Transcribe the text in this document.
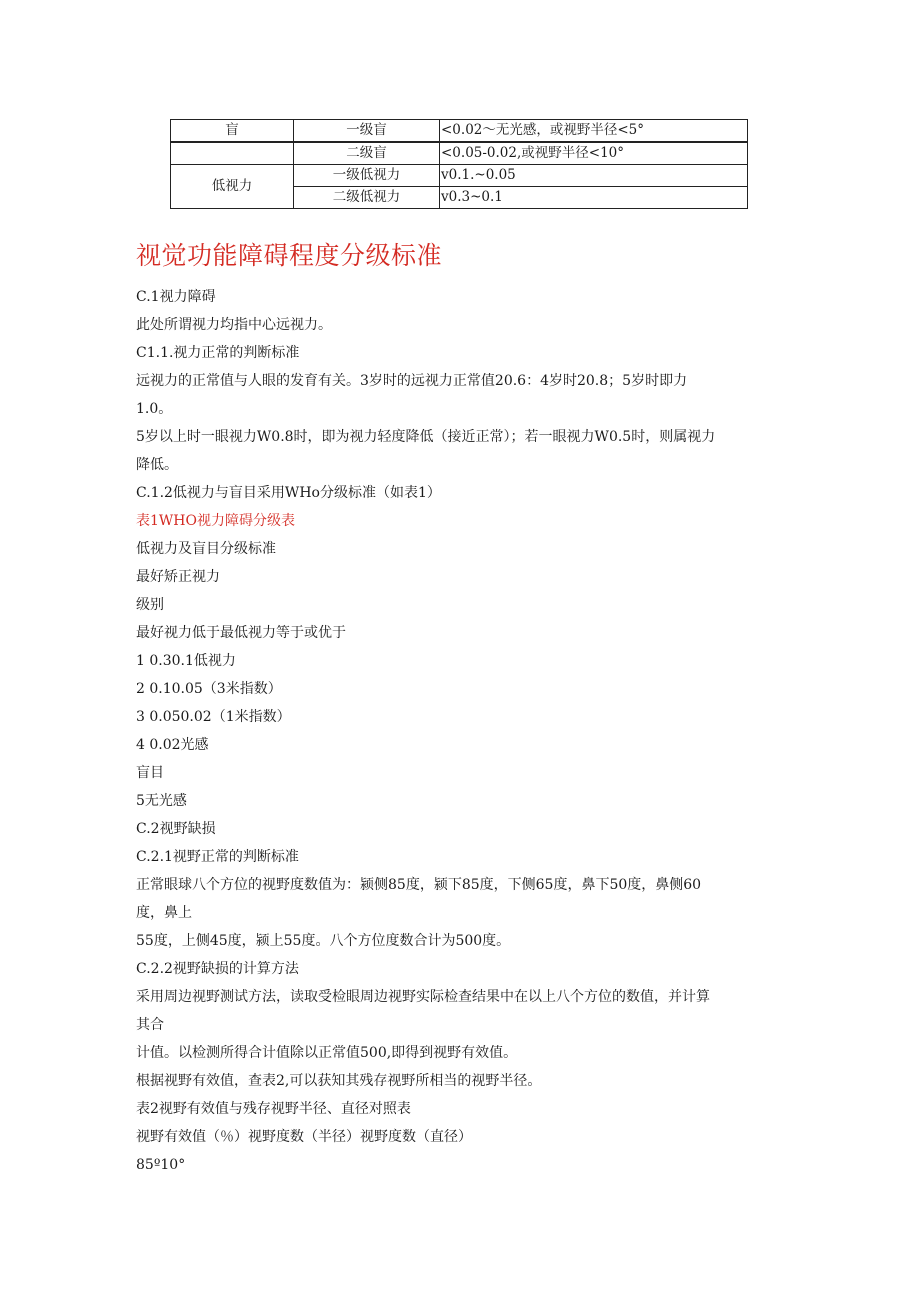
盲	一级盲	<0.02～无光感，或视野半径<5°
	二级盲	<0.05-0.02,或视野半径<10°
低视力	一级低视力	v0.1.~0.05
	二级低视力	v0.3~0.1
视觉功能障碍程度分级标准
C.1视力障碍
此处所谓视力均指中心远视力。
C1.1.视力正常的判断标准
远视力的正常值与人眼的发育有关。3岁时的远视力正常值20.6：4岁时20.8；5岁时即力
1.0。
5岁以上时一眼视力W0.8时，即为视力轻度降低（接近正常）；若一眼视力W0.5时，则属视力
降低。
C.1.2低视力与盲目采用WHo分级标准（如表1）
表1WHO视力障碍分级表
低视力及盲目分级标准
最好矫正视力
级别
最好视力低于最低视力等于或优于
1 0.30.1低视力
2 0.10.05（3米指数）
3 0.050.02（1米指数）
4 0.02光感
盲目
5无光感
C.2视野缺损
C.2.1视野正常的判断标准
正常眼球八个方位的视野度数值为：颍侧85度，颍下85度，下侧65度，鼻下50度，鼻侧60
度，鼻上
55度，上侧45度，颍上55度。八个方位度数合计为500度。
C.2.2视野缺损的计算方法
采用周边视野测试方法，读取受检眼周边视野实际检查结果中在以上八个方位的数值，并计算
其合
计值。以检测所得合计值除以正常值500,即得到视野有效值。
根据视野有效值，查表2,可以获知其残存视野所相当的视野半径。
表2视野有效值与残存视野半径、直径对照表
视野有效值（％）视野度数（半径）视野度数（直径）
85º10°
